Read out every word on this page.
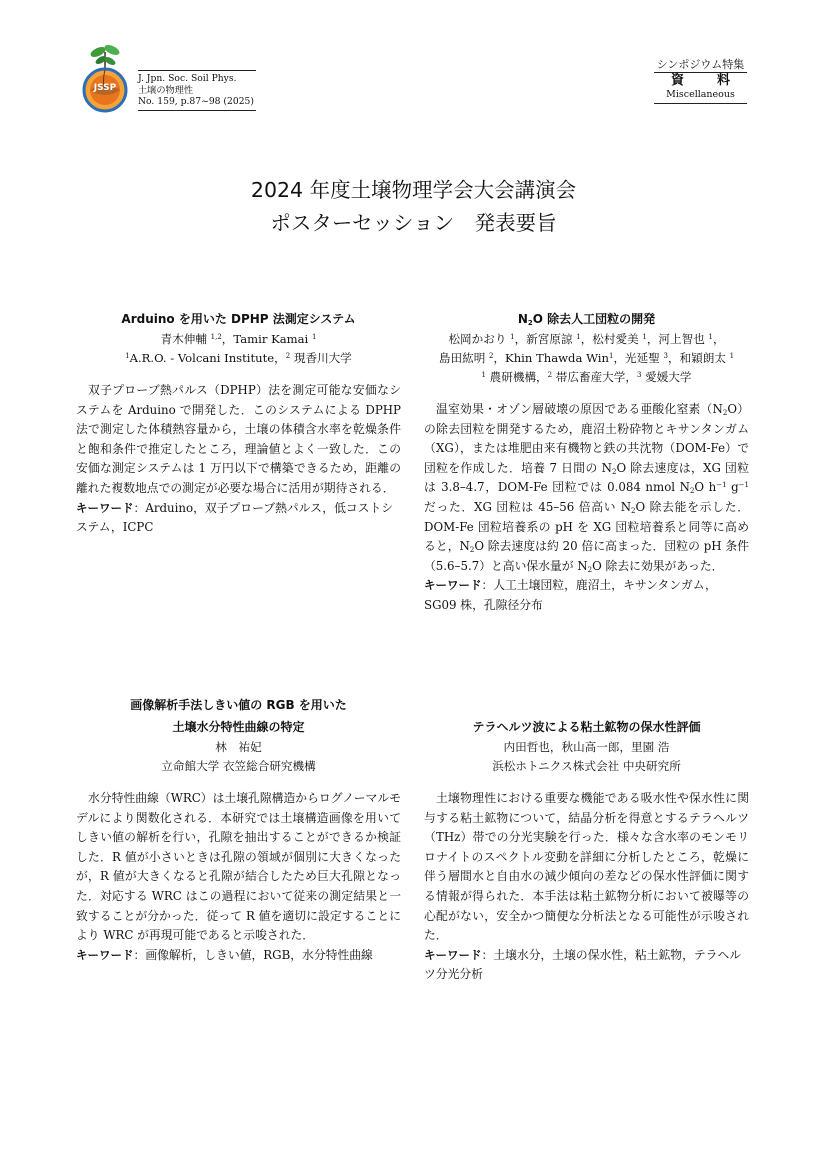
JSSP
J. Jpn. Soc. Soil Phys.
土壌の物理性
No. 159, p.87~98 (2025)
シンポジウム特集
資　料
Miscellaneous
2024 年度土壌物理学会大会講演会
ポスターセッション　発表要旨
Arduino を用いた DPHP 法測定システム
青木伸輔 $^{1,2}$，Tamir Kamai $^1$
$^1$A.R.O. - Volcani Institute，$^2$ 現香川大学
双子プローブ熱パルス（DPHP）法を測定可能な安価なシステムを Arduino で開発した．このシステムによる DPHP 法で測定した体積熱容量から，土壌の体積含水率を乾燥条件と飽和条件で推定したところ，理論値とよく一致した．この安価な測定システムは 1 万円以下で構築できるため，距離の離れた複数地点での測定が必要な場合に活用が期待される．
キーワード：Arduino，双子プローブ熱パルス，低コストシステム，ICPC
$N_2O$ 除去人工団粒の開発
松岡かおり $^1$，新宮原諒 $^1$，松村愛美 $^1$，河上智也 $^1$，
島田紘明 $^2$，Khin Thawda Win$^1$，光延聖 $^3$，和穎朗太 $^1$
$^1$ 農研機構，$^2$ 帯広畜産大学，$^3$ 愛媛大学
温室効果・オゾン層破壊の原因である亜酸化窒素$(N_2O)$の除去団粒を開発するため，鹿沼土粉砕物とキサンタンガム（XG），または堆肥由来有機物と鉄の共沈物（DOM-Fe）で団粒を作成した．培養 7 日間の $N_2O$ 除去速度は，XG 団粒は 3.8–4.7，DOM-Fe 団粒では 0.084 nmol $N_2O$ $h^{-1}$ $g^{-1}$ だった．XG 団粒は 45–56 倍高い $N_2O$ 除去能を示した．DOM-Fe 団粒培養系の pH を XG 団粒培養系と同等に高めると，$N_2O$ 除去速度は約 20 倍に高まった．団粒の pH 条件（5.6–5.7）と高い保水量が $N_2O$ 除去に効果があった．
キーワード：人工土壌団粒，鹿沼土，キサンタンガム，SG09 株，孔隙径分布
画像解析手法しきい値の RGB を用いた
土壌水分特性曲線の特定
林　祐妃
立命館大学 衣笠総合研究機構
水分特性曲線（WRC）は土壌孔隙構造からログノーマルモデルにより関数化される．本研究では土壌構造画像を用いてしきい値の解析を行い，孔隙を抽出することができるか検証した．R 値が小さいときは孔隙の領域が個別に大きくなったが，R 値が大きくなると孔隙が結合したため巨大孔隙となった．対応する WRC はこの過程において従来の測定結果と一致することが分かった．従って R 値を適切に設定することにより WRC が再現可能であると示唆された．
キーワード：画像解析，しきい値，RGB，水分特性曲線
テラヘルツ波による粘土鉱物の保水性評価
内田哲也，秋山高一郎，里園 浩
浜松ホトニクス株式会社 中央研究所
土壌物理性における重要な機能である吸水性や保水性に関与する粘土鉱物について，結晶分析を得意とするテラヘルツ（THz）帯での分光実験を行った．様々な含水率のモンモリロナイトのスペクトル変動を詳細に分析したところ，乾燥に伴う層間水と自由水の減少傾向の差などの保水性評価に関する情報が得られた．本手法は粘土鉱物分析において被曝等の心配がない，安全かつ簡便な分析法となる可能性が示唆された．
キーワード：土壌水分，土壌の保水性，粘土鉱物，テラヘルツ分光分析
